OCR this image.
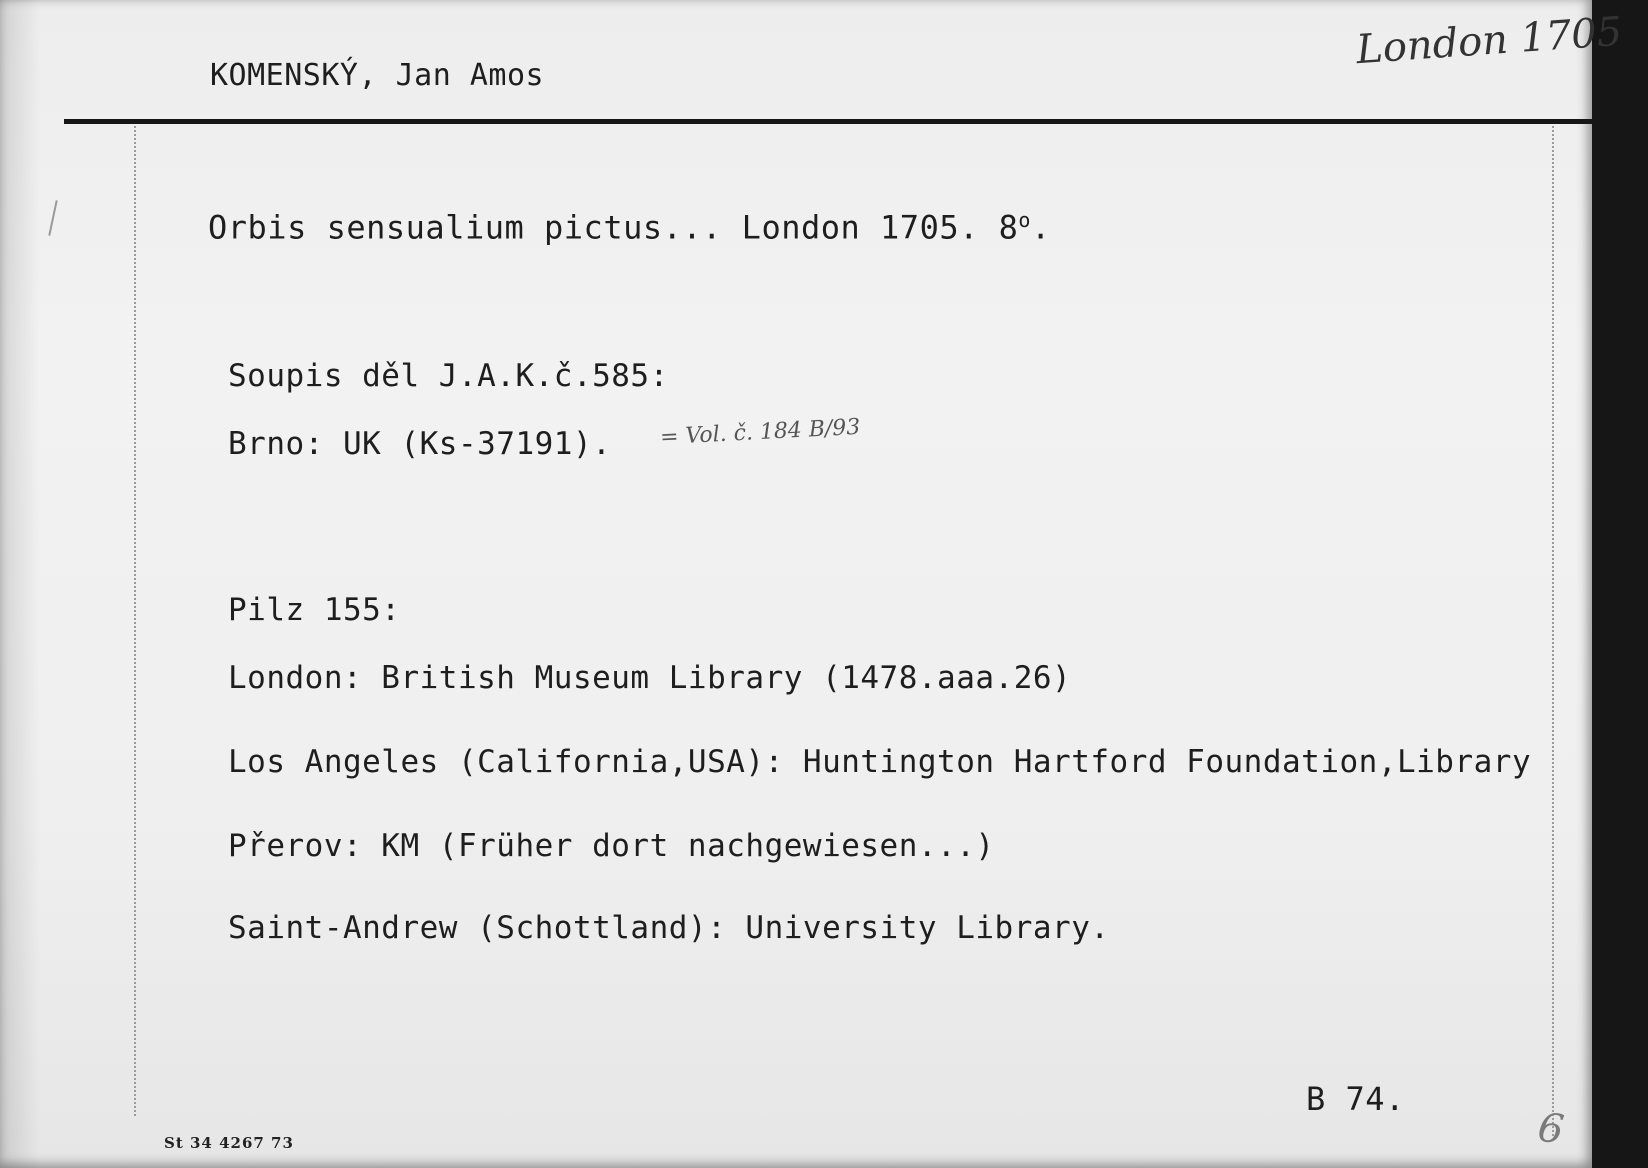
KOMENSKÝ, Jan Amos
London 1705
Orbis sensualium pictus... London 1705. 8$^o$.
Soupis děl J.A.K.č.585:
Brno: UK (Ks-37191). = Vol. č. 184 B/93
Pilz 155:
London: British Museum Library (1478.aaa.26)
Los Angeles (California,USA): Huntington Hartford Foundation,Library
Přerov: KM (Früher dort nachgewiesen...)
Saint-Andrew (Schottland): University Library.
B 74.
St 34 4267 73	6
